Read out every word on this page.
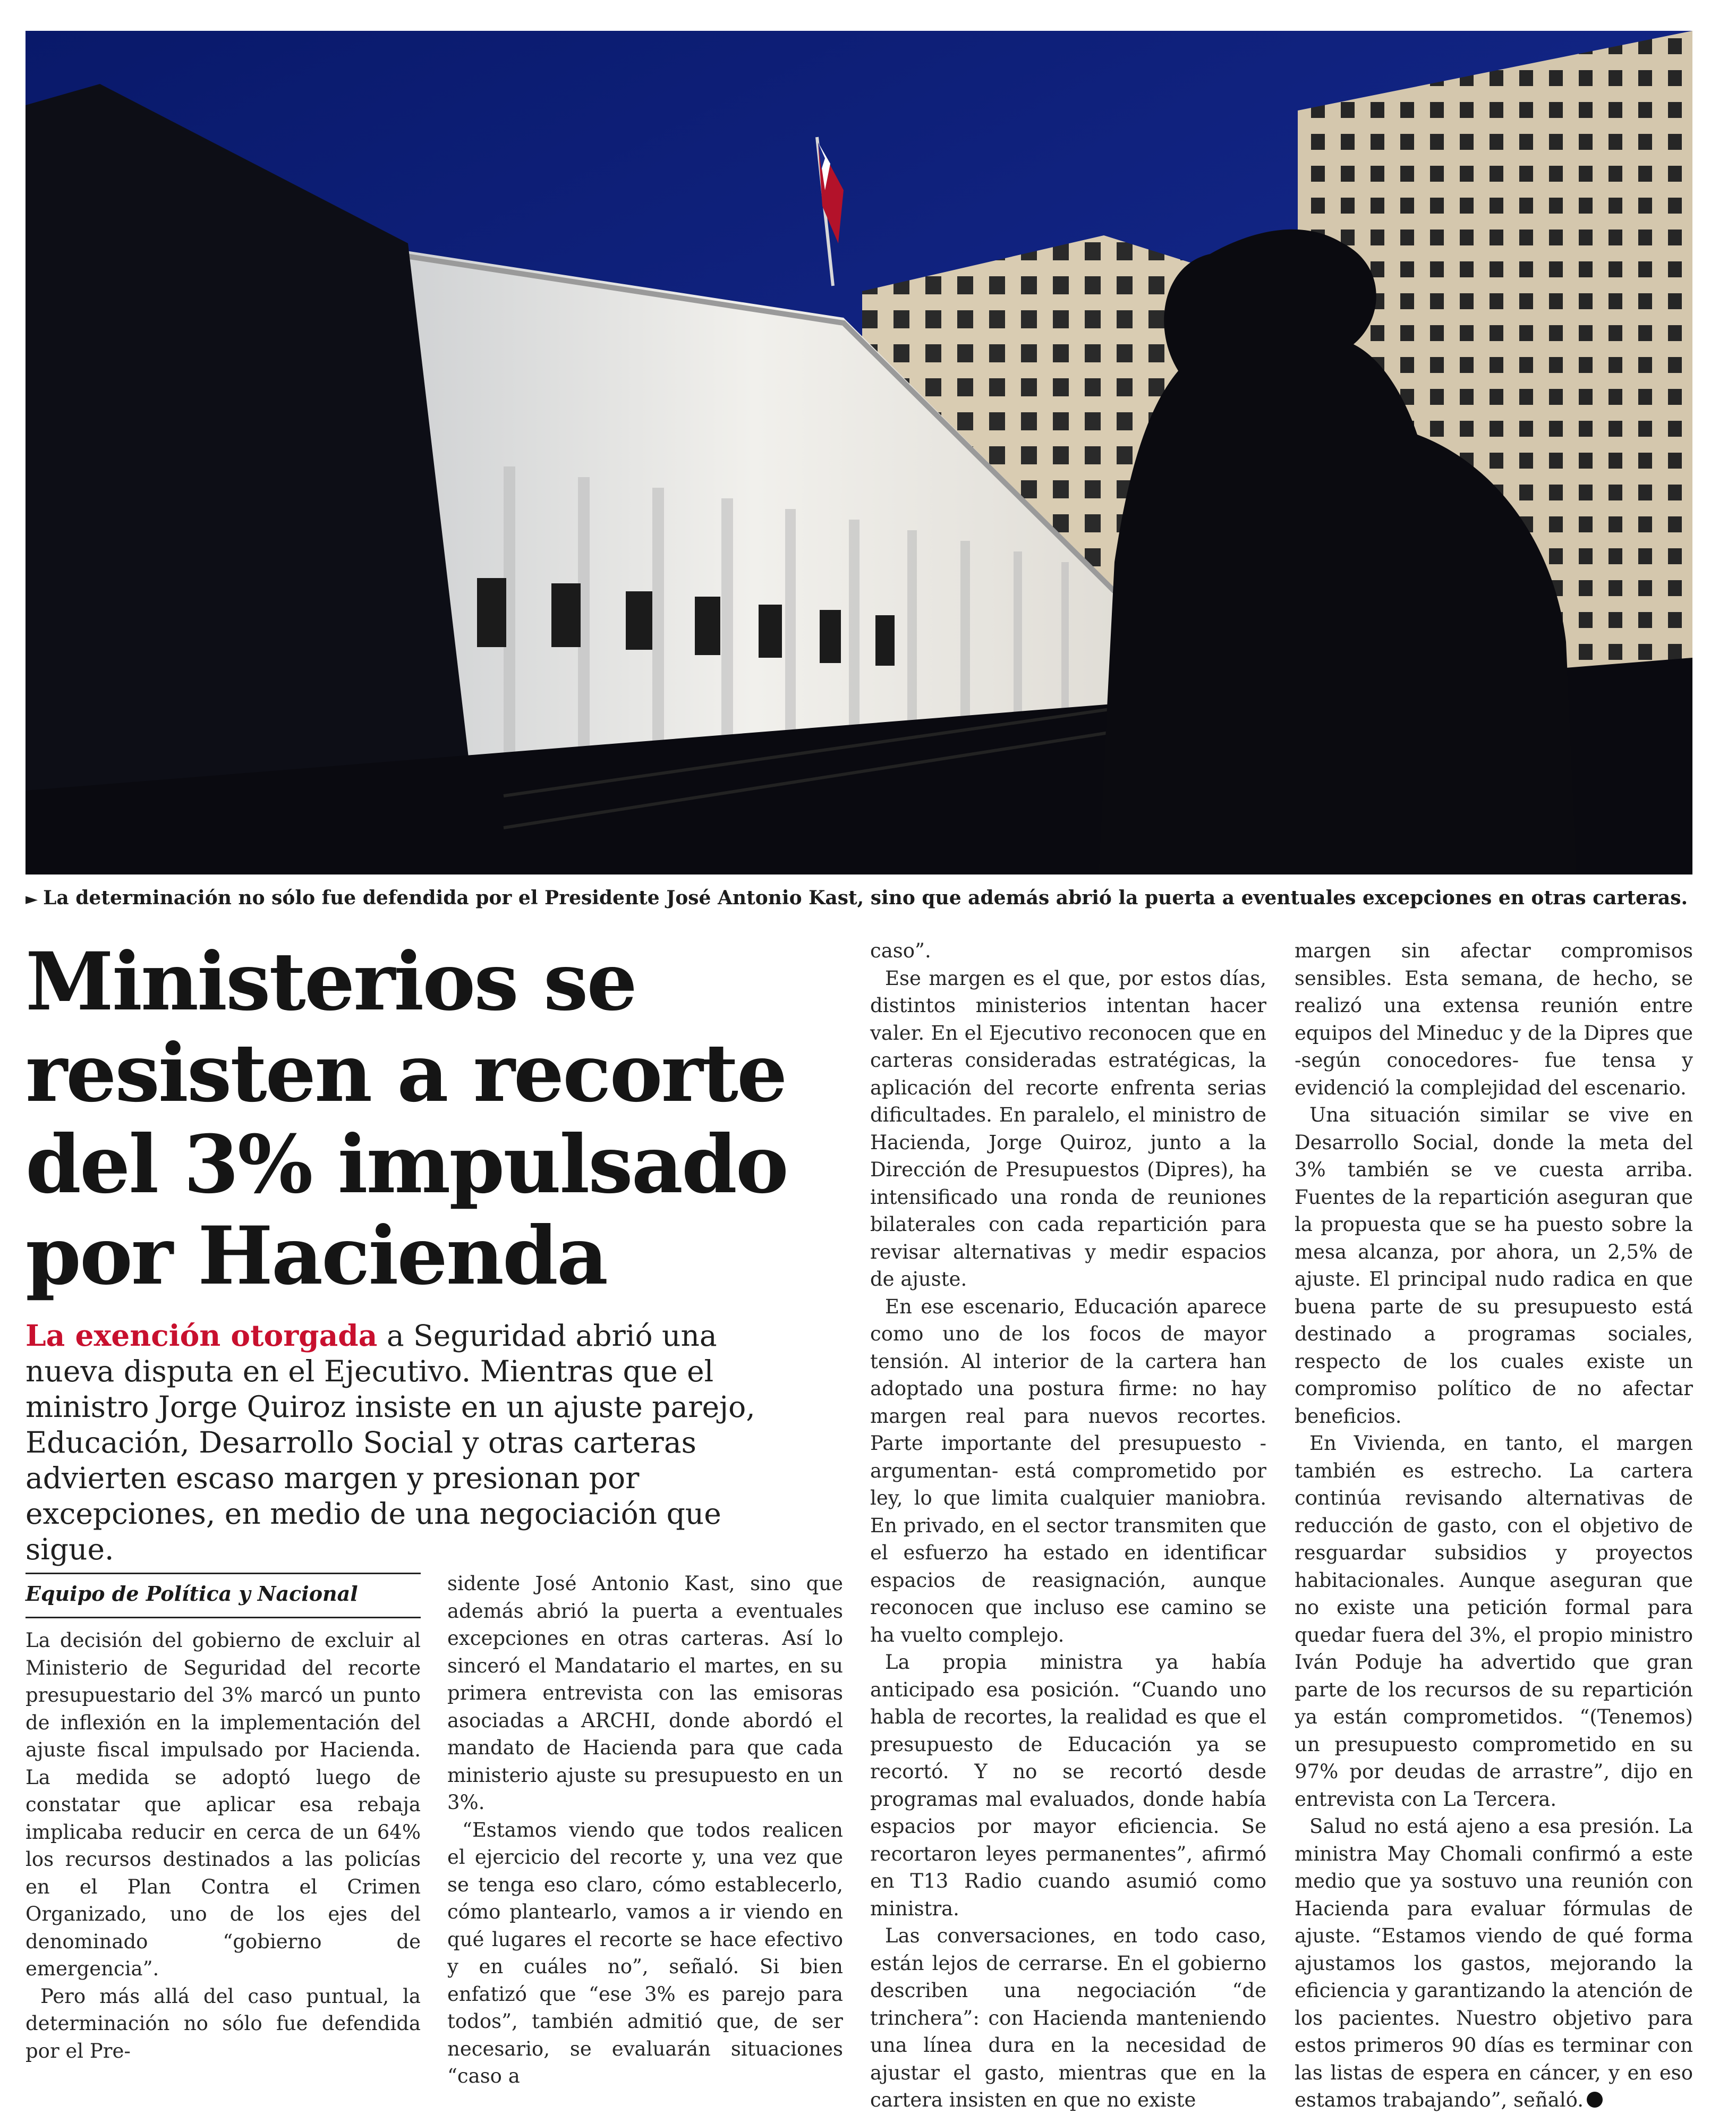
► La determinación no sólo fue defendida por el Presidente José Antonio Kast, sino que además abrió la puerta a eventuales excepciones en otras carteras.
Ministerios se resisten a recorte del 3% impulsado por Hacienda

La exención otorgada a Seguridad abrió una nueva disputa en el Ejecutivo. Mientras que el ministro Jorge Quiroz insiste en un ajuste parejo, Educación, Desarrollo Social y otras carteras advierten escaso margen y presionan por excepciones, en medio de una negociación que sigue.

Equipo de Política y Nacional

La decisión del gobierno de excluir al Ministerio de Seguridad del recorte presupuestario del 3% marcó un punto de inflexión en la implementación del ajuste fiscal impulsado por Hacienda. La medida se adoptó luego de constatar que aplicar esa rebaja implicaba reducir en cerca de un 64% los recursos destinados a las policías en el Plan Contra el Crimen Organizado, uno de los ejes del denominado “gobierno de emergencia”.

Pero más allá del caso puntual, la determinación no sólo fue defendida por el Pre-

sidente José Antonio Kast, sino que además abrió la puerta a eventuales excepciones en otras carteras. Así lo sinceró el Mandatario el martes, en su primera entrevista con las emisoras asociadas a ARCHI, donde abordó el mandato de Hacienda para que cada ministerio ajuste su presupuesto en un 3%.

“Estamos viendo que todos realicen el ejercicio del recorte y, una vez que se tenga eso claro, cómo establecerlo, cómo plantearlo, vamos a ir viendo en qué lugares el recorte se hace efectivo y en cuáles no”, señaló. Si bien enfatizó que “ese 3% es parejo para todos”, también admitió que, de ser necesario, se evaluarán situaciones “caso a

caso”.

Ese margen es el que, por estos días, distintos ministerios intentan hacer valer. En el Ejecutivo reconocen que en carteras consideradas estratégicas, la aplicación del recorte enfrenta serias dificultades. En paralelo, el ministro de Hacienda, Jorge Quiroz, junto a la Dirección de Presupuestos (Dipres), ha intensificado una ronda de reuniones bilaterales con cada repartición para revisar alternativas y medir espacios de ajuste.

En ese escenario, Educación aparece como uno de los focos de mayor tensión. Al interior de la cartera han adoptado una postura firme: no hay margen real para nuevos recortes. Parte importante del presupuesto -argumentan- está comprometido por ley, lo que limita cualquier maniobra. En privado, en el sector transmiten que el esfuerzo ha estado en identificar espacios de reasignación, aunque reconocen que incluso ese camino se ha vuelto complejo.

La propia ministra ya había anticipado esa posición. “Cuando uno habla de recortes, la realidad es que el presupuesto de Educación ya se recortó. Y no se recortó desde programas mal evaluados, donde había espacios por mayor eficiencia. Se recortaron leyes permanentes”, afirmó en T13 Radio cuando asumió como ministra.

Las conversaciones, en todo caso, están lejos de cerrarse. En el gobierno describen una negociación “de trinchera”: con Hacienda manteniendo una línea dura en la necesidad de ajustar el gasto, mientras que en la cartera insisten en que no existe

margen sin afectar compromisos sensibles. Esta semana, de hecho, se realizó una extensa reunión entre equipos del Mineduc y de la Dipres que -según conocedores- fue tensa y evidenció la complejidad del escenario.

Una situación similar se vive en Desarrollo Social, donde la meta del 3% también se ve cuesta arriba. Fuentes de la repartición aseguran que la propuesta que se ha puesto sobre la mesa alcanza, por ahora, un 2,5% de ajuste. El principal nudo radica en que buena parte de su presupuesto está destinado a programas sociales, respecto de los cuales existe un compromiso político de no afectar beneficios.

En Vivienda, en tanto, el margen también es estrecho. La cartera continúa revisando alternativas de reducción de gasto, con el objetivo de resguardar subsidios y proyectos habitacionales. Aunque aseguran que no existe una petición formal para quedar fuera del 3%, el propio ministro Iván Poduje ha advertido que gran parte de los recursos de su repartición ya están comprometidos. “(Tenemos) un presupuesto comprometido en su 97% por deudas de arrastre”, dijo en entrevista con La Tercera.

Salud no está ajeno a esa presión. La ministra May Chomali confirmó a este medio que ya sostuvo una reunión con Hacienda para evaluar fórmulas de ajuste. “Estamos viendo de qué forma ajustamos los gastos, mejorando la eficiencia y garantizando la atención de los pacientes. Nuestro objetivo para estos primeros 90 días es terminar con las listas de espera en cáncer, y en eso estamos trabajando”, señaló.
